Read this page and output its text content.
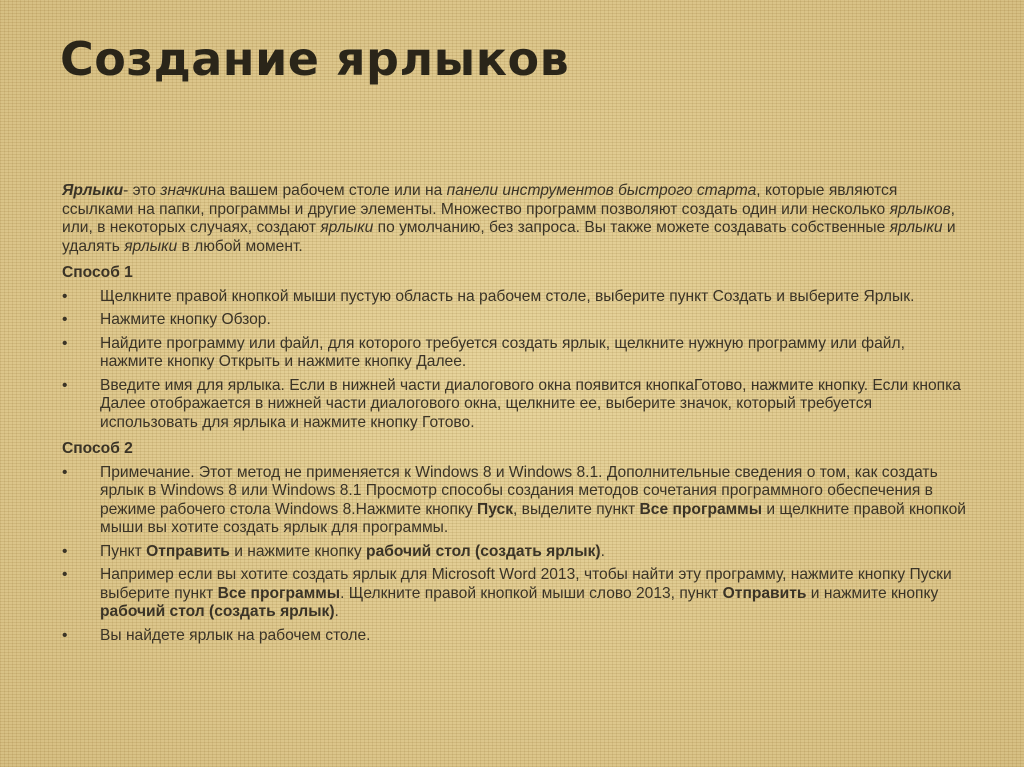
Создание ярлыков

Ярлыки- это значкина вашем рабочем столе или на панели инструментов быстрого старта, которые являются ссылками на папки, программы и другие элементы. Множество программ позволяют создать один или несколько ярлыков, или, в некоторых случаях, создают ярлыки по умолчанию, без запроса. Вы также можете создавать собственные ярлыки и удалять ярлыки в любой момент.

Способ 1

• Щелкните правой кнопкой мыши пустую область на рабочем столе, выберите пункт Создать и выберите Ярлык.
• Нажмите кнопку Обзор.
• Найдите программу или файл, для которого требуется создать ярлык, щелкните нужную программу или файл, нажмите кнопку Открыть и нажмите кнопку Далее.
• Введите имя для ярлыка. Если в нижней части диалогового окна появится кнопкаГотово, нажмите кнопку. Если кнопка Далее отображается в нижней части диалогового окна, щелкните ее, выберите значок, который требуется использовать для ярлыка и нажмите кнопку Готово.

Способ 2

• Примечание. Этот метод не применяется к Windows 8 и Windows 8.1. Дополнительные сведения о том, как создать ярлык в Windows 8 или Windows 8.1 Просмотр способы создания методов сочетания программного обеспечения в режиме рабочего стола Windows 8.Нажмите кнопку Пуск, выделите пункт Все программы и щелкните правой кнопкой мыши вы хотите создать ярлык для программы.
• Пункт Отправить и нажмите кнопку рабочий стол (создать ярлык).
• Например если вы хотите создать ярлык для Microsoft Word 2013, чтобы найти эту программу, нажмите кнопку Пуски выберите пункт Все программы. Щелкните правой кнопкой мыши слово 2013, пункт Отправить и нажмите кнопку рабочий стол (создать ярлык).
• Вы найдете ярлык на рабочем столе.
